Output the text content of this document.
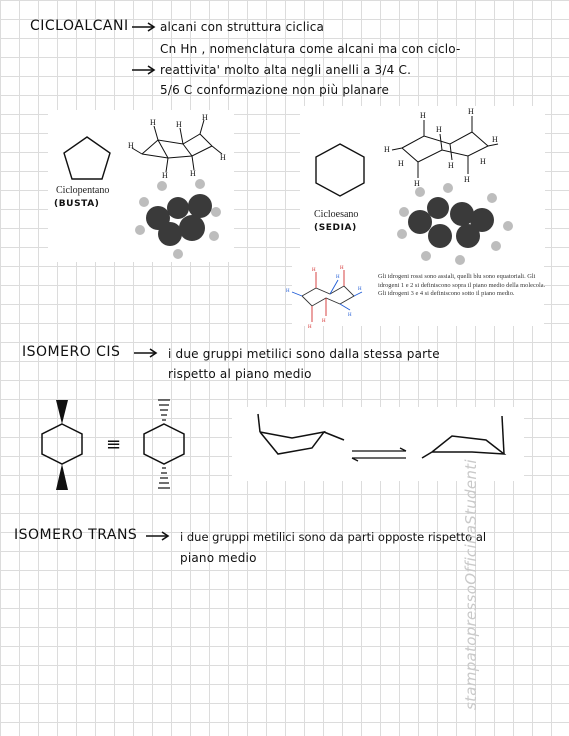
CICLOALCANI	alcani con struttura ciclica
Cn Hn , nomenclatura come alcani ma con ciclo-
reattivita' molto alta negli anelli a 3/4 C.
5/6 C conformazione non più planare
H	H
H
H
H
H	H
Ciclopentano
(BUSTA)
H	H
H
H
H
H
H
H
H	H
Cicloesano
(SEDIA)
H	H
H
H
H	H
H
H
Gli idrogeni rossi sono assiali, quelli blu sono equatoriali. Gli idrogeni 1 e 2 si definiscono sopra il piano medio della molecola. Gli idrogeni 3 e 4 si definiscono sotto il piano medio.
ISOMERO CIS	i due gruppi metilici sono dalla stessa parte
rispetto al piano medio
≡
ISOMERO TRANS	i due gruppi metilici sono da parti opposte rispetto al
piano medio	stampatopressoOfficinaStudenti
